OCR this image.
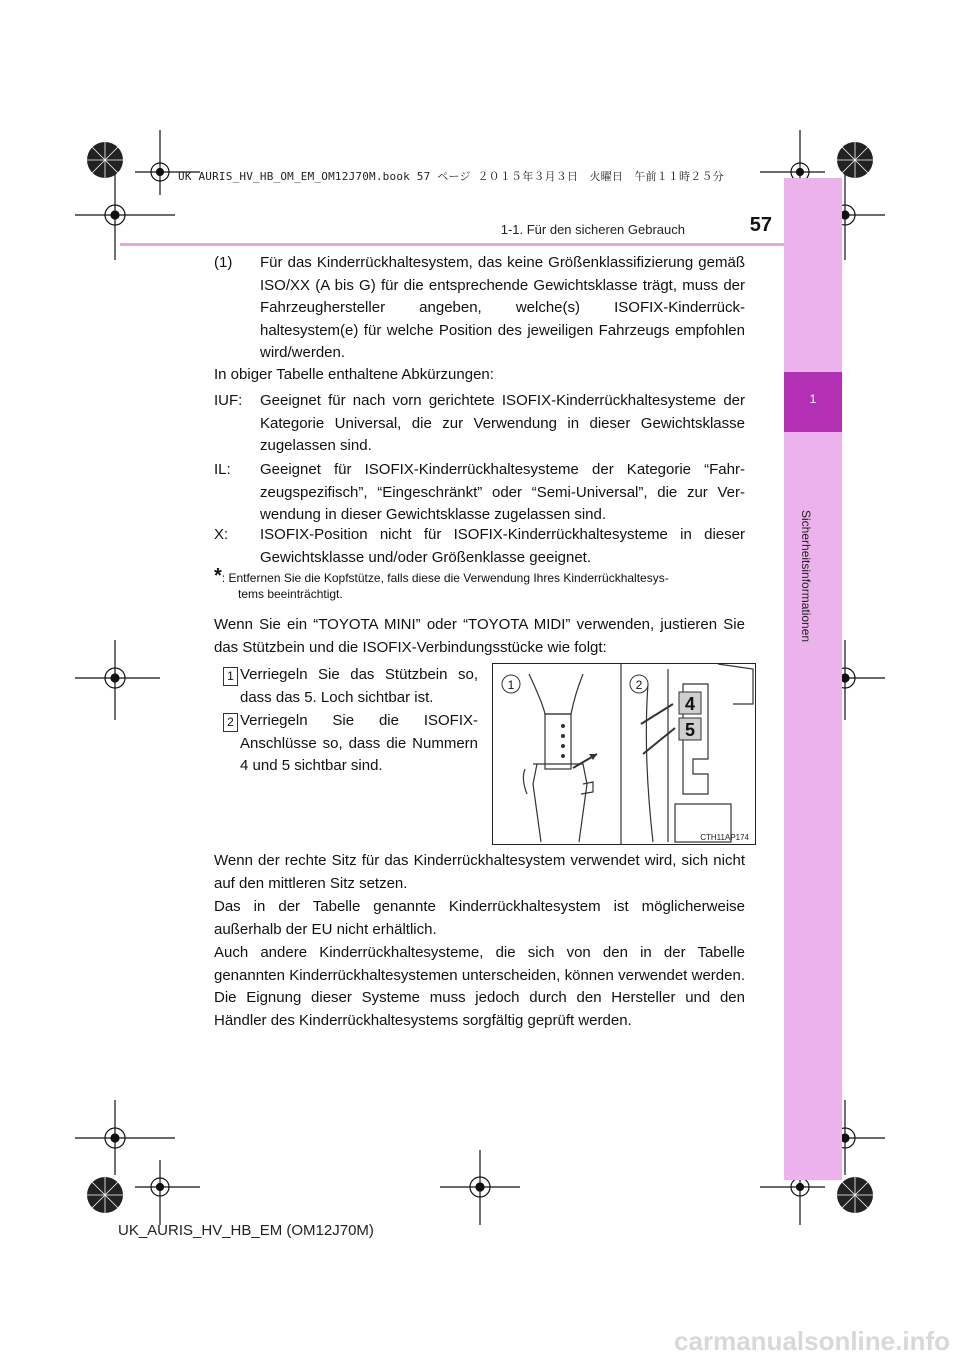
1
Sicherheitsinformationen
UK AURIS_HV_HB_OM_EM_OM12J70M.book 57 ページ ２０１５年３月３日　火曜日　午前１１時２５分
1-1. Für den sicheren Gebrauch	57
(1) Für das Kinderrückhaltesystem, das keine Größenklassifizierung gemäß ISO/XX (A bis G) für die entsprechende Gewichtsklasse trägt, muss der Fahrzeughersteller angeben, welche(s) ISOFIX-Kinderrückhaltesystem(e) für welche Position des jeweiligen Fahrzeugs empfohlen wird/werden.
In obiger Tabelle enthaltene Abkürzungen:
IUF: Geeignet für nach vorn gerichtete ISOFIX-Kinderrückhaltesysteme der Kategorie Universal, die zur Verwendung in dieser Gewichtsklasse zugelassen sind.
IL: Geeignet für ISOFIX-Kinderrückhaltesysteme der Kategorie “Fahrzeugspezifisch”, “Eingeschränkt” oder “Semi-Universal”, die zur Verwendung in dieser Gewichtsklasse zugelassen sind.
X: ISOFIX-Position nicht für ISOFIX-Kinderrückhaltesysteme in dieser Gewichtsklasse und/oder Größenklasse geeignet.
*: Entfernen Sie die Kopfstütze, falls diese die Verwendung Ihres Kinderrückhaltesys-
tems beeinträchtigt.
Wenn Sie ein “TOYOTA MINI” oder “TOYOTA MIDI” verwenden, justieren Sie das Stützbein und die ISOFIX-Verbindungsstücke wie folgt:
1 Verriegeln Sie das Stützbein so, dass das 5. Loch sichtbar ist.
2 Verriegeln Sie die ISOFIX-Anschlüsse so, dass die Nummern 4 und 5 sichtbar sind.
4
5
1	2
CTH11AP174
Wenn der rechte Sitz für das Kinderrückhaltesystem verwendet wird, sich nicht auf den mittleren Sitz setzen.
Das in der Tabelle genannte Kinderrückhaltesystem ist möglicherweise außerhalb der EU nicht erhältlich.
Auch andere Kinderrückhaltesysteme, die sich von den in der Tabelle genannten Kinderrückhaltesystemen unterscheiden, können verwendet werden. Die Eignung dieser Systeme muss jedoch durch den Hersteller und den Händler des Kinderrückhaltesystems sorgfältig geprüft werden.
UK_AURIS_HV_HB_EM (OM12J70M)
carmanualsonline.info
